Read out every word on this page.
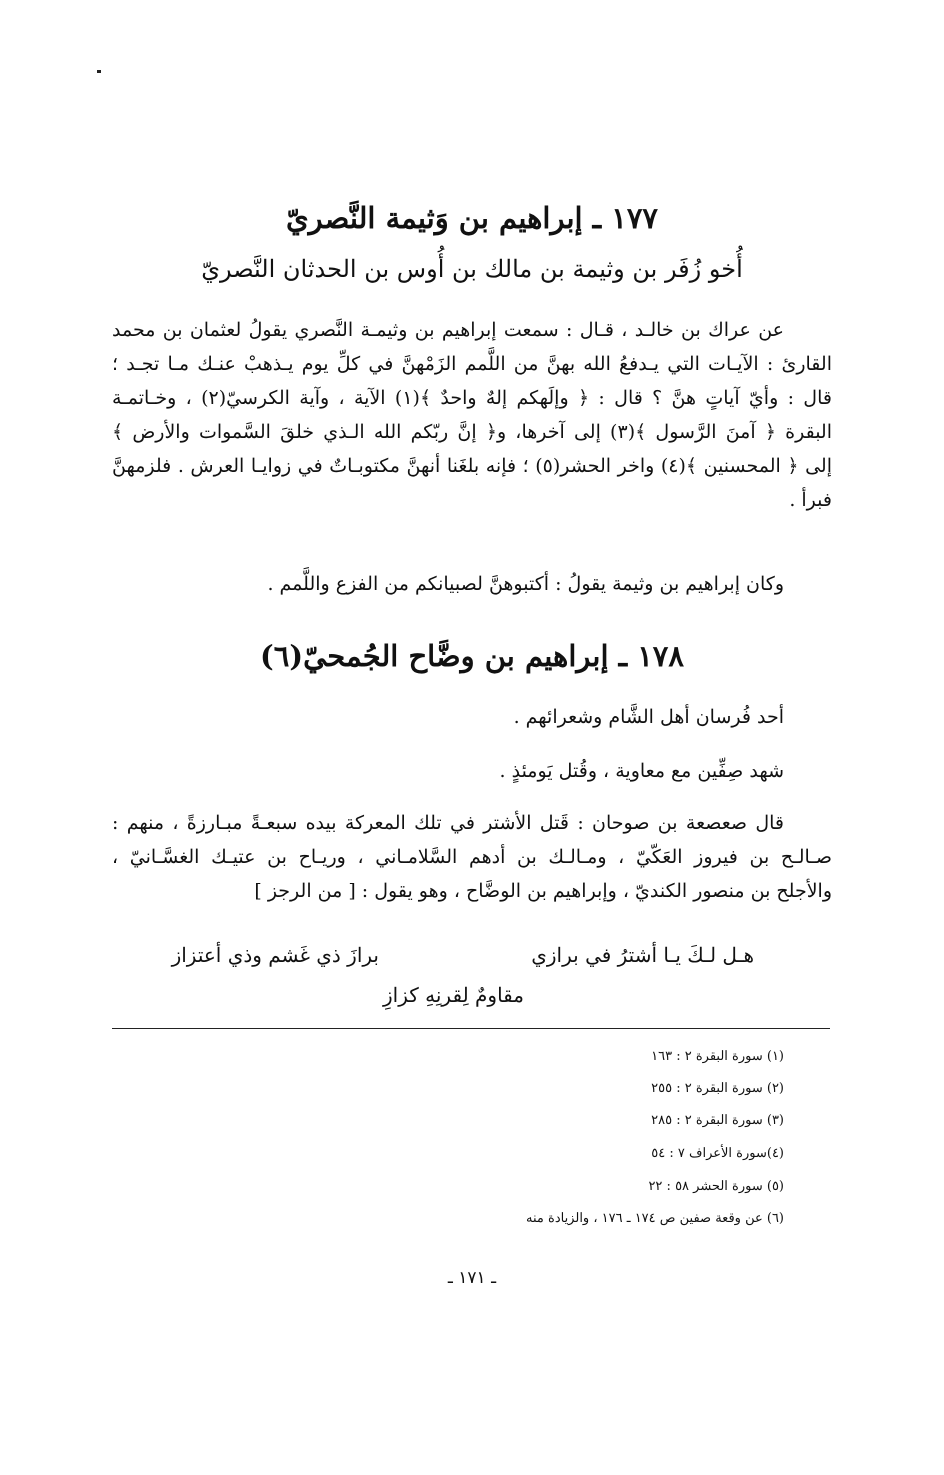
١٧٧ ـ إبراهيم بن وَثيمة النَّصريّ
أُخو زُفَر بن وثيمة بن مالك بن أُوس بن الحدثان النَّصريّ
عن عراك بن خالـد ، قـال : سمعت إبراهيم بن وثيمـة النَّصري يقولُ لعثمان بن محمد
القارئ : الآيـات التي يـدفعُ الله بهنَّ من اللَّمم الزَمْهنَّ في كلِّ يوم يـذهبْ عنـك مـا تجـد ؛
قال : وأيّ آياتٍ هنَّ ؟ قال : ﴿ وإلَهكم إلهٌ واحدٌ ﴾(١) الآية ، وآية الكرسيّ(٢) ، وخـاتمـة
البقرة ﴿ آمنَ الرَّسول ﴾(٣) إلى آخرها، و﴿ إنَّ ربّكم الله الـذي خلقَ السَّموات والأرض ﴾
إلى ﴿ المحسنين ﴾(٤) واخر الحشر(٥) ؛ فإنه بلغَنا أنهنَّ مكتوبـاتٌ في زوايـا العرش . فلزمهنَّ
فبرأ .
وكان إبراهيم بن وثيمة يقولُ : أكتبوهنَّ لصبيانكم من الفزع واللَّمم .
١٧٨ ـ إبراهيم بن وضَّاح الجُمحيّ(٦)
أحد فُرسان أهل الشَّام وشعرائهم .
شهد صِفِّين مع معاوية ، وقُتل يَومئذٍ .
قال صعصعة بن صوحان : قَتل الأشتر في تلك المعركة بيده سبعـةً مبـارزةً ، منهم :
صـالـح بن فيروز العَكّيّ ، ومـالـك بن أدهم السَّلامـاني ، وريـاح بن عتيـك الغسَّـانيّ ،
والأجلح بن منصور الكنديّ ، وإبراهيم بن الوضَّاح ، وهو يقول : [ من الرجز ]
هـل لـكَ يـا أشترُ في برازي
برازَ ذي غَشم وذي أعتزاز
مقاومٌ لِقرنِهِ كزازِ
(١) سورة البقرة ٢ : ١٦٣
(٢) سورة البقرة ٢ : ٢٥٥
(٣) سورة البقرة ٢ : ٢٨٥
(٤)سورة الأعراف ٧ : ٥٤
(٥) سورة الحشر ٥٨ : ٢٢
(٦) عن وقعة صفين ص ١٧٤ ـ ١٧٦ ، والزيادة منه
ـ ١٧١ ـ
